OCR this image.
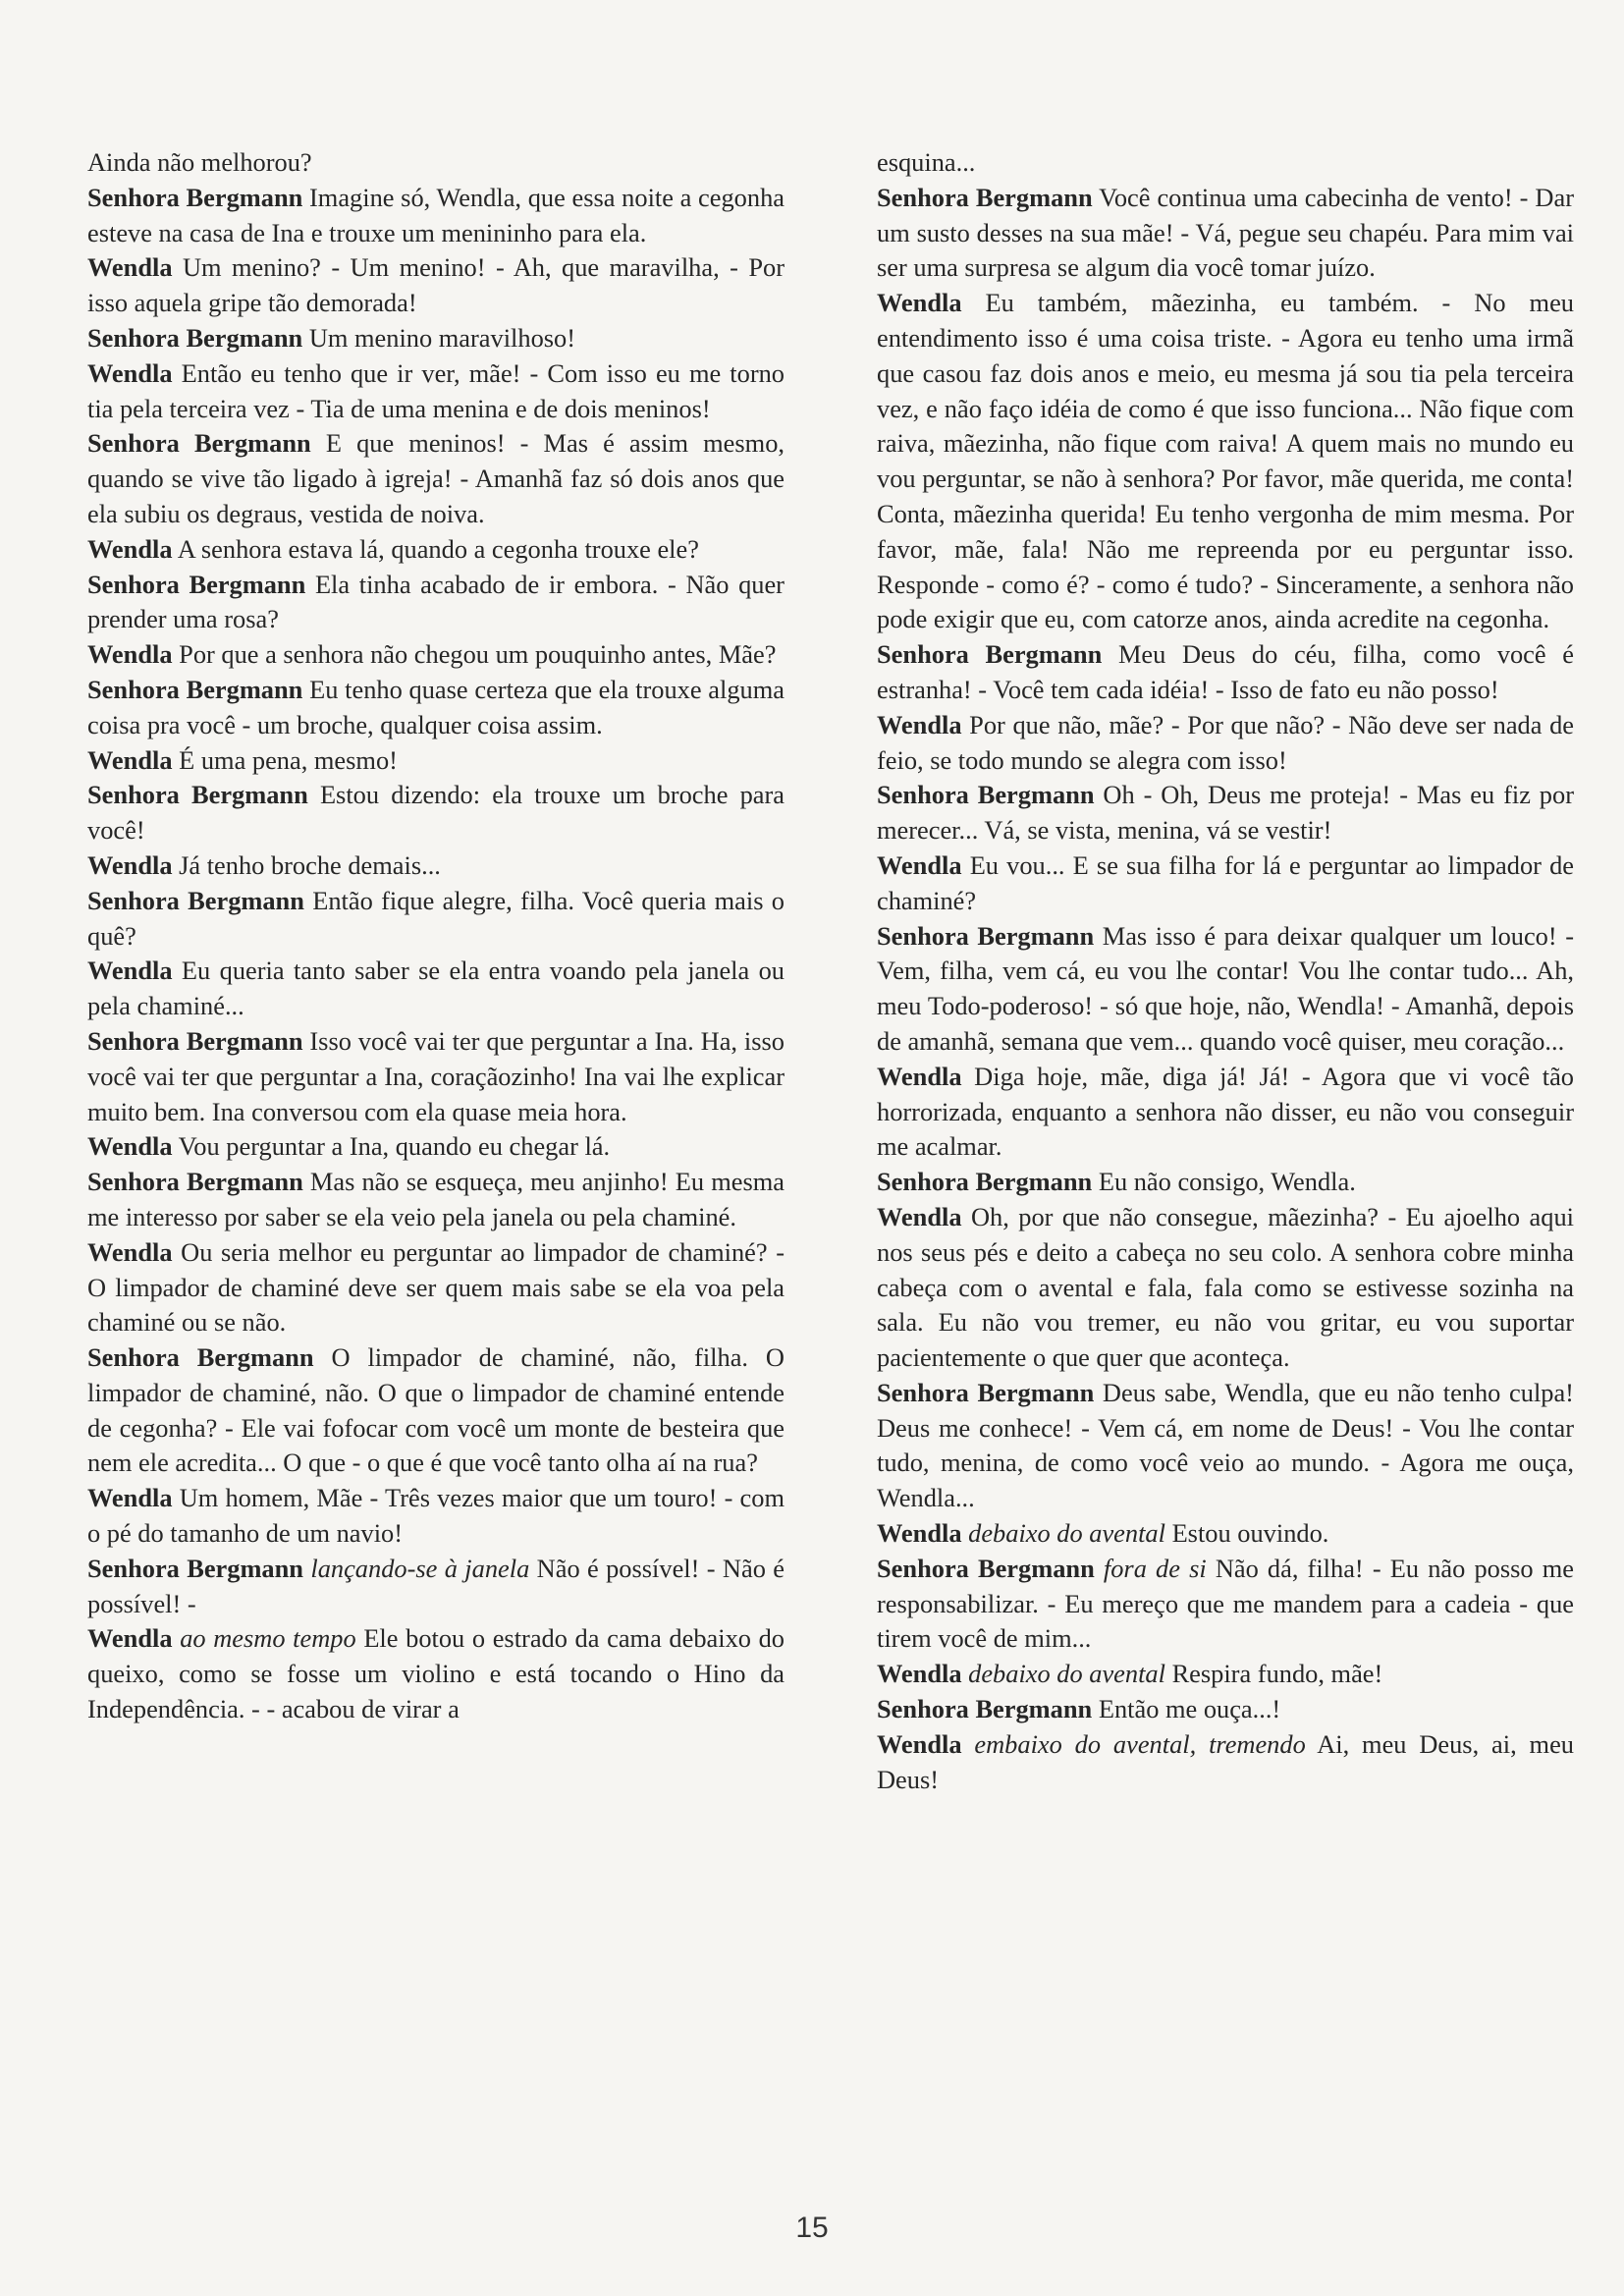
Ainda não melhorou?

Senhora Bergmann Imagine só, Wendla, que essa noite a cegonha esteve na casa de Ina e trouxe um menininho para ela.

Wendla Um menino? - Um menino! - Ah, que maravilha, - Por isso aquela gripe tão demorada!

Senhora Bergmann Um menino maravilhoso!

Wendla Então eu tenho que ir ver, mãe! - Com isso eu me torno tia pela terceira vez - Tia de uma menina e de dois meninos!

Senhora Bergmann E que meninos! - Mas é assim mesmo, quando se vive tão ligado à igreja! - Amanhã faz só dois anos que ela subiu os degraus, vestida de noiva.

Wendla A senhora estava lá, quando a cegonha trouxe ele?

Senhora Bergmann Ela tinha acabado de ir embora. - Não quer prender uma rosa?

Wendla Por que a senhora não chegou um pouquinho antes, Mãe?

Senhora Bergmann Eu tenho quase certeza que ela trouxe alguma coisa pra você - um broche, qualquer coisa assim.

Wendla É uma pena, mesmo!

Senhora Bergmann Estou dizendo: ela trouxe um broche para você!

Wendla Já tenho broche demais...

Senhora Bergmann Então fique alegre, filha. Você queria mais o quê?

Wendla Eu queria tanto saber se ela entra voando pela janela ou pela chaminé...

Senhora Bergmann Isso você vai ter que perguntar a Ina. Ha, isso você vai ter que perguntar a Ina, coraçãozinho! Ina vai lhe explicar muito bem. Ina conversou com ela quase meia hora.

Wendla Vou perguntar a Ina, quando eu chegar lá.

Senhora Bergmann Mas não se esqueça, meu anjinho! Eu mesma me interesso por saber se ela veio pela janela ou pela chaminé.

Wendla Ou seria melhor eu perguntar ao limpador de chaminé? - O limpador de chaminé deve ser quem mais sabe se ela voa pela chaminé ou se não.

Senhora Bergmann O limpador de chaminé, não, filha. O limpador de chaminé, não. O que o limpador de chaminé entende de cegonha? - Ele vai fofocar com você um monte de besteira que nem ele acredita... O que - o que é que você tanto olha aí na rua?

Wendla Um homem, Mãe - Três vezes maior que um touro! - com o pé do tamanho de um navio!

Senhora Bergmann lançando-se à janela Não é possível! - Não é possível! -

Wendla ao mesmo tempo Ele botou o estrado da cama debaixo do queixo, como se fosse um violino e está tocando o Hino da Independência. - - acabou de virar a

esquina...

Senhora Bergmann Você continua uma cabecinha de vento! - Dar um susto desses na sua mãe! - Vá, pegue seu chapéu. Para mim vai ser uma surpresa se algum dia você tomar juízo.

Wendla Eu também, mãezinha, eu também. - No meu entendimento isso é uma coisa triste. - Agora eu tenho uma irmã que casou faz dois anos e meio, eu mesma já sou tia pela terceira vez, e não faço idéia de como é que isso funciona... Não fique com raiva, mãezinha, não fique com raiva! A quem mais no mundo eu vou perguntar, se não à senhora? Por favor, mãe querida, me conta! Conta, mãezinha querida! Eu tenho vergonha de mim mesma. Por favor, mãe, fala! Não me repreenda por eu perguntar isso. Responde - como é? - como é tudo? - Sinceramente, a senhora não pode exigir que eu, com catorze anos, ainda acredite na cegonha.

Senhora Bergmann Meu Deus do céu, filha, como você é estranha! - Você tem cada idéia! - Isso de fato eu não posso!

Wendla Por que não, mãe? - Por que não? - Não deve ser nada de feio, se todo mundo se alegra com isso!

Senhora Bergmann Oh - Oh, Deus me proteja! - Mas eu fiz por merecer... Vá, se vista, menina, vá se vestir!

Wendla Eu vou... E se sua filha for lá e perguntar ao limpador de chaminé?

Senhora Bergmann Mas isso é para deixar qualquer um louco! - Vem, filha, vem cá, eu vou lhe contar! Vou lhe contar tudo... Ah, meu Todo-poderoso! - só que hoje, não, Wendla! - Amanhã, depois de amanhã, semana que vem... quando você quiser, meu coração...

Wendla Diga hoje, mãe, diga já! Já! - Agora que vi você tão horrorizada, enquanto a senhora não disser, eu não vou conseguir me acalmar.

Senhora Bergmann Eu não consigo, Wendla.

Wendla Oh, por que não consegue, mãezinha? - Eu ajoelho aqui nos seus pés e deito a cabeça no seu colo. A senhora cobre minha cabeça com o avental e fala, fala como se estivesse sozinha na sala. Eu não vou tremer, eu não vou gritar, eu vou suportar pacientemente o que quer que aconteça.

Senhora Bergmann Deus sabe, Wendla, que eu não tenho culpa! Deus me conhece! - Vem cá, em nome de Deus! - Vou lhe contar tudo, menina, de como você veio ao mundo. - Agora me ouça, Wendla...

Wendla debaixo do avental Estou ouvindo.

Senhora Bergmann fora de si Não dá, filha! - Eu não posso me responsabilizar. - Eu mereço que me mandem para a cadeia - que tirem você de mim...

Wendla debaixo do avental Respira fundo, mãe!

Senhora Bergmann Então me ouça...!

Wendla embaixo do avental, tremendo Ai, meu Deus, ai, meu Deus!

15
